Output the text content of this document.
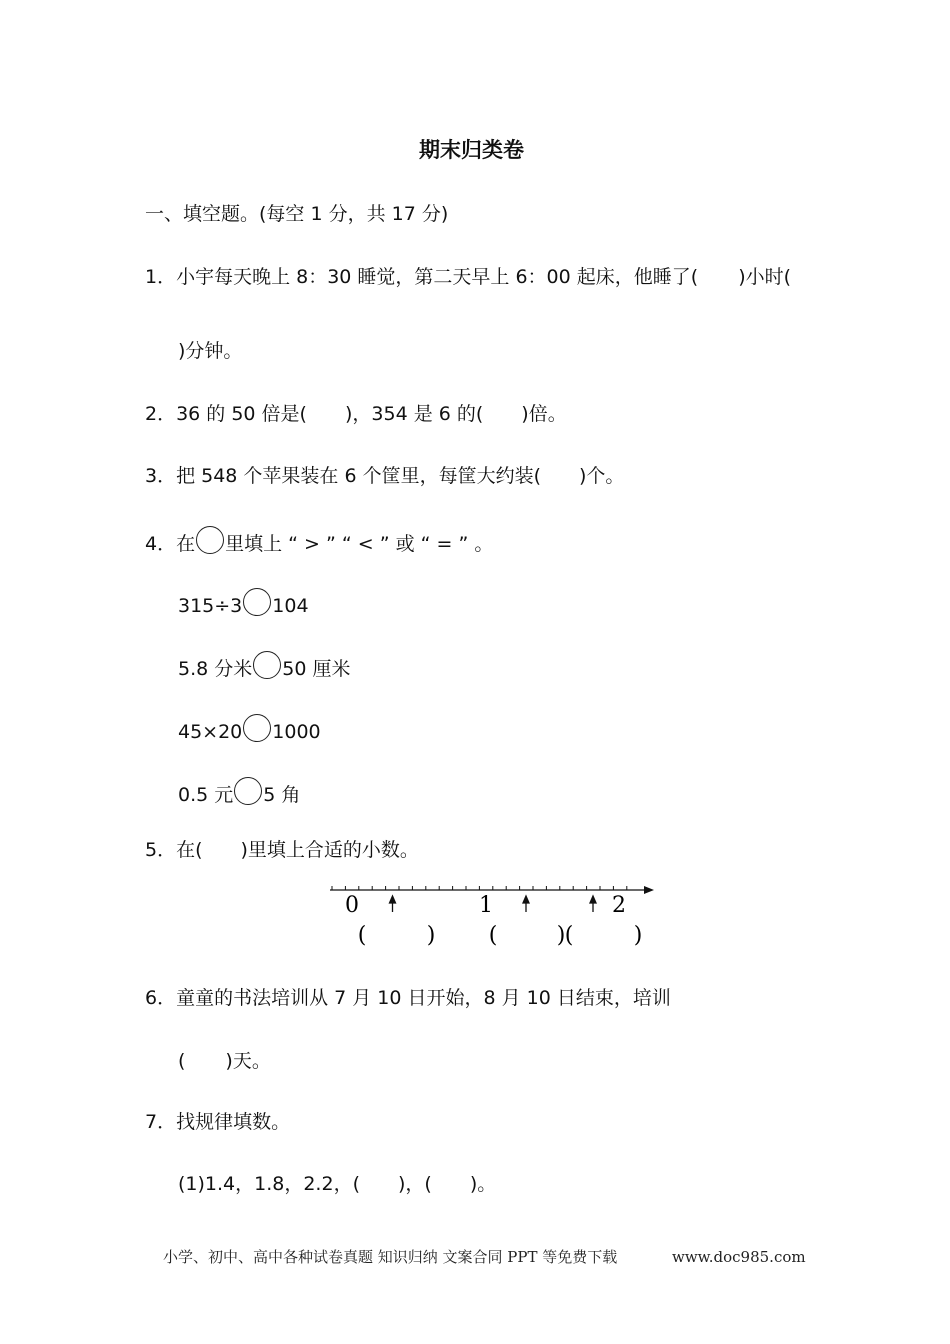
期末归类卷
一、填空题。(每空 1 分，共 17 分)
1．小宇每天晚上 8：30 睡觉，第二天早上 6：00 起床，他睡了( )小时(
)分钟。
2．36 的 50 倍是( )，354 是 6 的( )倍。
3．把 548 个苹果装在 6 个筐里，每筐大约装( )个。
4．在 里填上 “ > ” “ < ” 或 “ = ” 。
315÷3 104
5.8 分米 50 厘米
45×20 1000
0.5 元 5 角
5．在( )里填上合适的小数。
0	1	2
(	) (	) (	)
6．童童的书法培训从 7 月 10 日开始，8 月 10 日结束，培训
( )天。
7．找规律填数。
(1)1.4，1.8，2.2，( )，( )。
小学、初中、高中各种试卷真题 知识归纳 文案合同 PPT 等免费下载	www.doc985.com
